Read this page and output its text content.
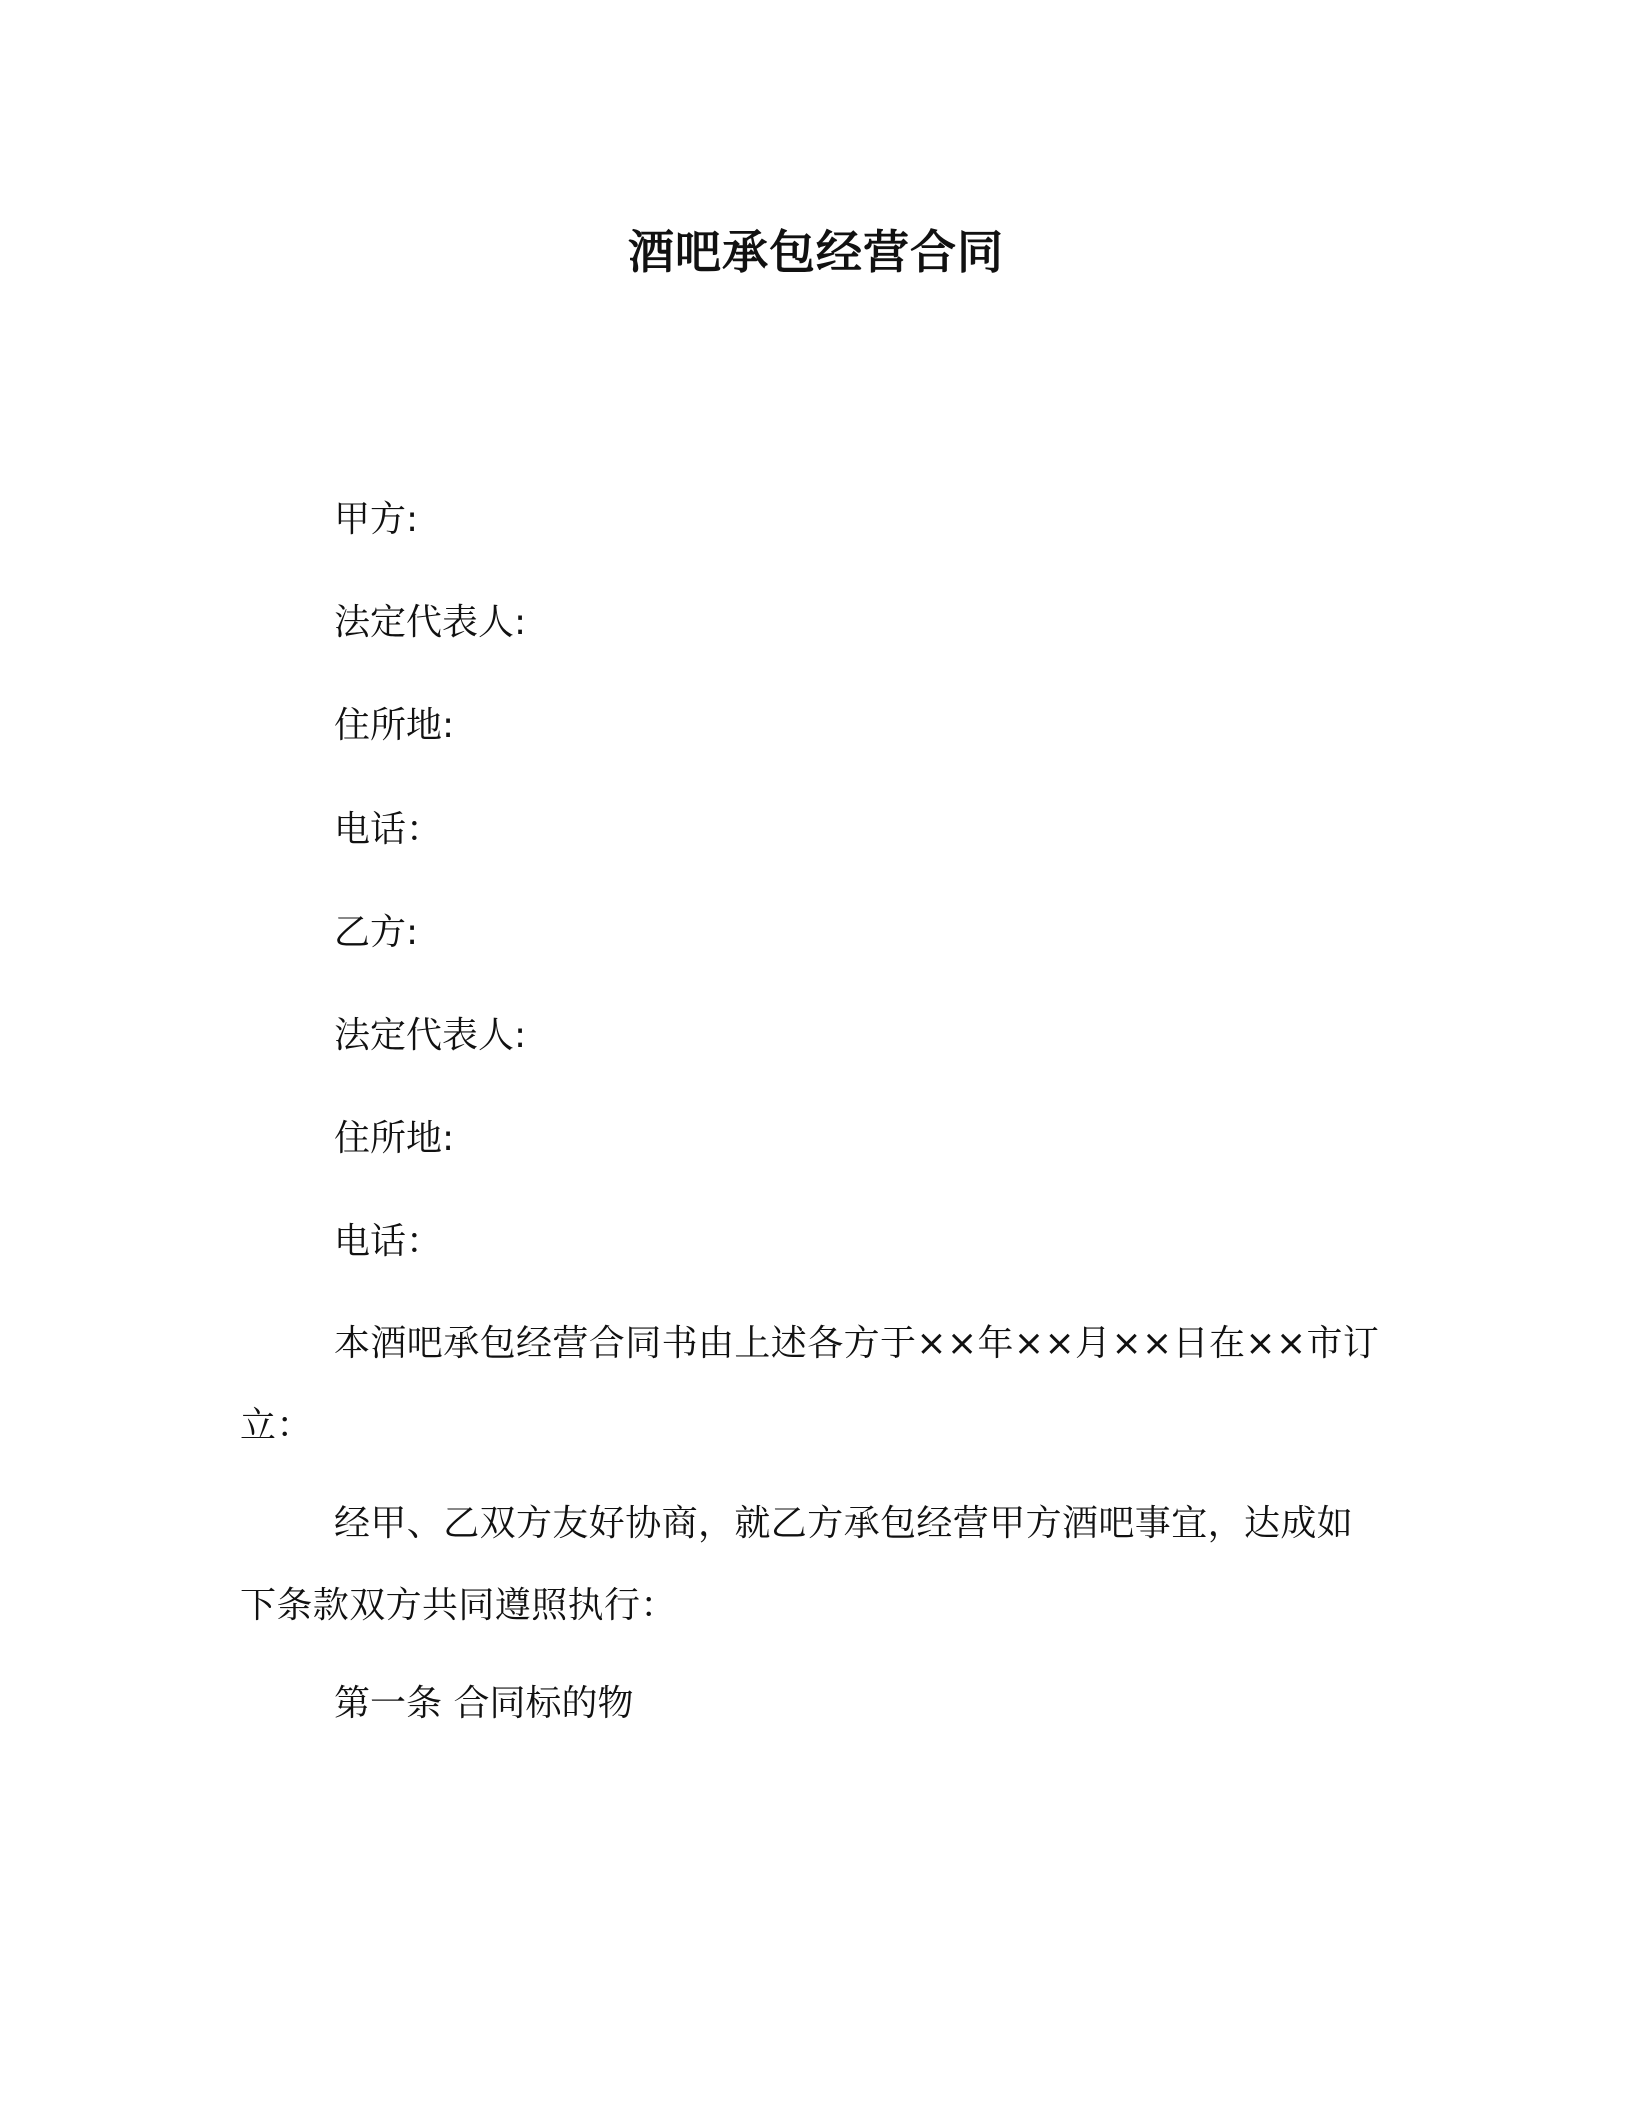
酒吧承包经营合同
甲方:
法定代表人:
住所地:
电话：
乙方:
法定代表人:
住所地:
电话：
本酒吧承包经营合同书由上述各方于××年××月××日在××市订立：
经甲、乙双方友好协商，就乙方承包经营甲方酒吧事宜，达成如下条款双方共同遵照执行：
第一条 合同标的物
